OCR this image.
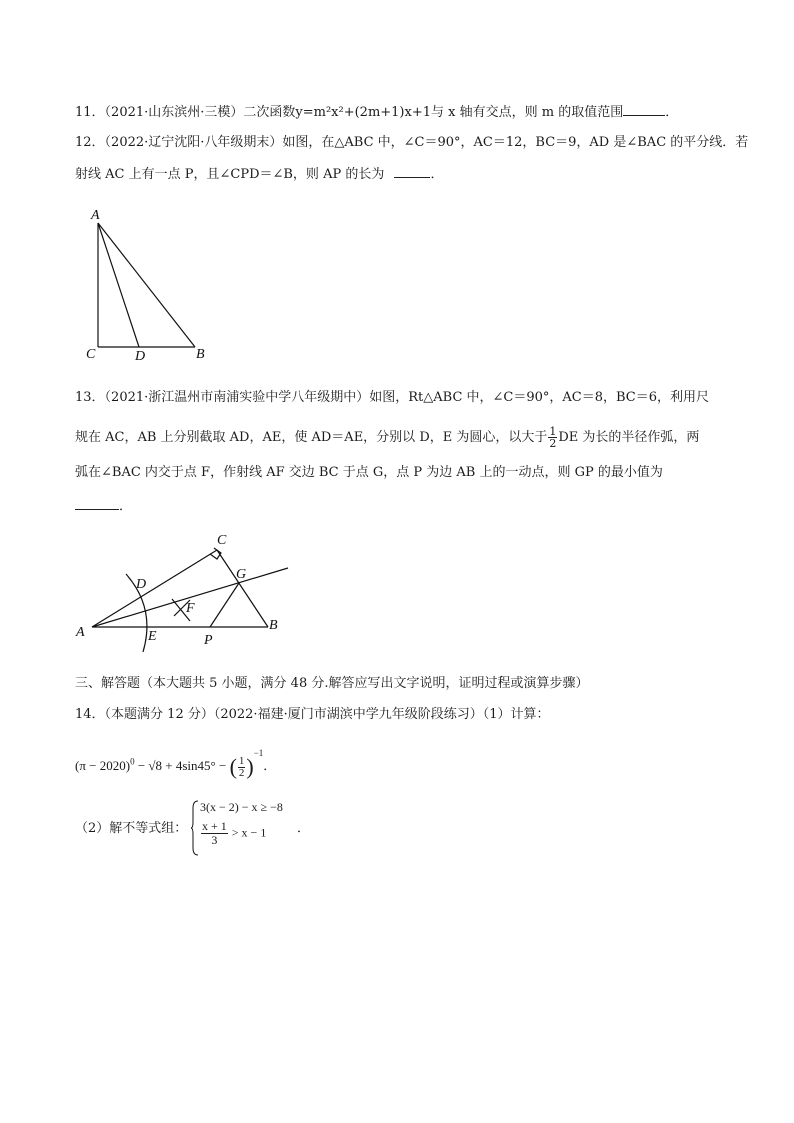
11．（2021·山东滨州·三模）二次函数y=m²x²+(2m+1)x+1与 x 轴有交点，则 m 的取值范围	．
12．（2022·辽宁沈阳·八年级期末）如图，在△ABC 中，∠C＝90°，AC＝12，BC＝9，AD 是∠BAC 的平分线．若
射线 AC 上有一点 P，且∠CPD＝∠B，则 AP 的长为	．
A
C	D	B
13．（2021·浙江温州市南浦实验中学八年级期中）如图，Rt△ABC 中，∠C＝90°，AC＝8，BC＝6，利用尺
规在 AC，AB 上分别截取 AD，AE，使 AD＝AE，分别以 D，E 为圆心，以大于 $\frac{1}{2}$ DE 为长的半径作弧，两
弧在∠BAC 内交于点 F，作射线 AF 交边 BC 于点 G，点 P 为边 AB 上的一动点，则 GP 的最小值为
．
C
D
G
F
A	E	P
B
三、解答题（本大题共 5 小题，满分 48 分.解答应写出文字说明，证明过程或演算步骤）
14．（本题满分 12 分）（2022·福建·厦门市湖滨中学九年级阶段练习）（1）计算：
$(\pi - 2020)^0 - √8 + 4\sin 45^\circ$ − ( $\frac{1}{2} )^{-1}$．
（2）解不等式组：
3(x − 2) − x ≥ −8
$\frac{x + 1}{3} > x - 1$ ．
